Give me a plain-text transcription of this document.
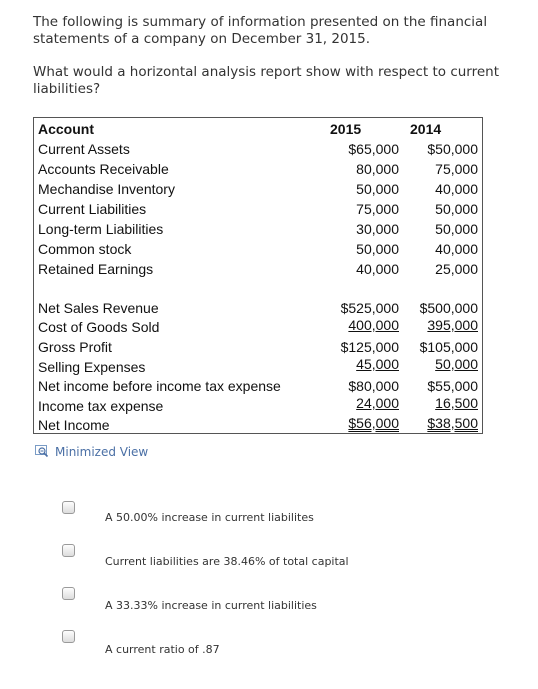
The following is summary of information presented on the financial statements of a company on December 31, 2015.
What would a horizontal analysis report show with respect to current liabilities?
Account	2015	2014
Current Assets	$65,000 $50,000
Accounts Receivable	80,000	75,000
Mechandise Inventory	50,000	40,000
Current Liabilities	75,000	50,000
Long-term Liabilities	30,000	50,000
Common stock	50,000	40,000
Retained Earnings	40,000	25,000
Net Sales Revenue	$525,000 $500,000
Cost of Goods Sold	400,000 395,000
Gross Profit	$125,000 $105,000
Selling Expenses	45,000	50,000
Net income before income tax expense	$80,000 $55,000
Income tax expense	24,000	16,500
Net Income	$56,000 $38,500
Minimized View
A 50.00% increase in current liabilites
Current liabilities are 38.46% of total capital
A 33.33% increase in current liabilities
A current ratio of .87
